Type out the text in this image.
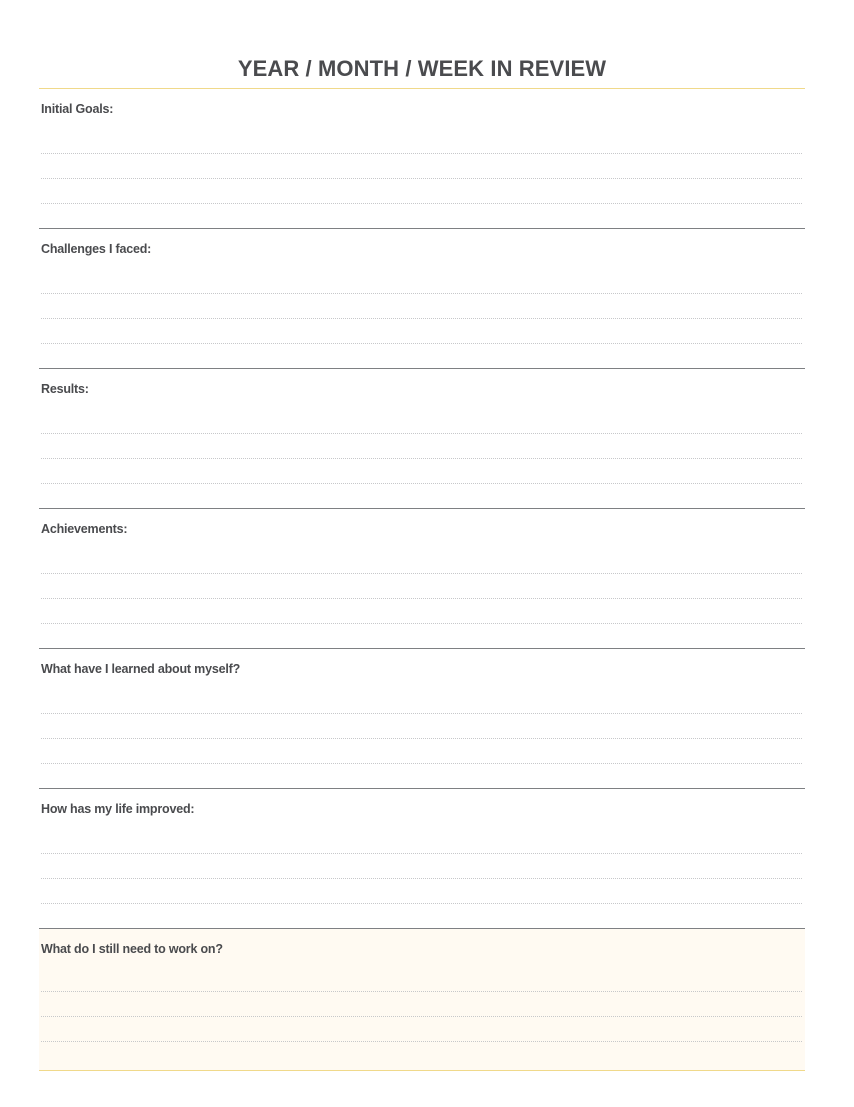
YEAR / MONTH / WEEK IN REVIEW
Initial Goals:
Challenges I faced:
Results:
Achievements:
What have I learned about myself?
How has my life improved:
What do I still need to work on?
